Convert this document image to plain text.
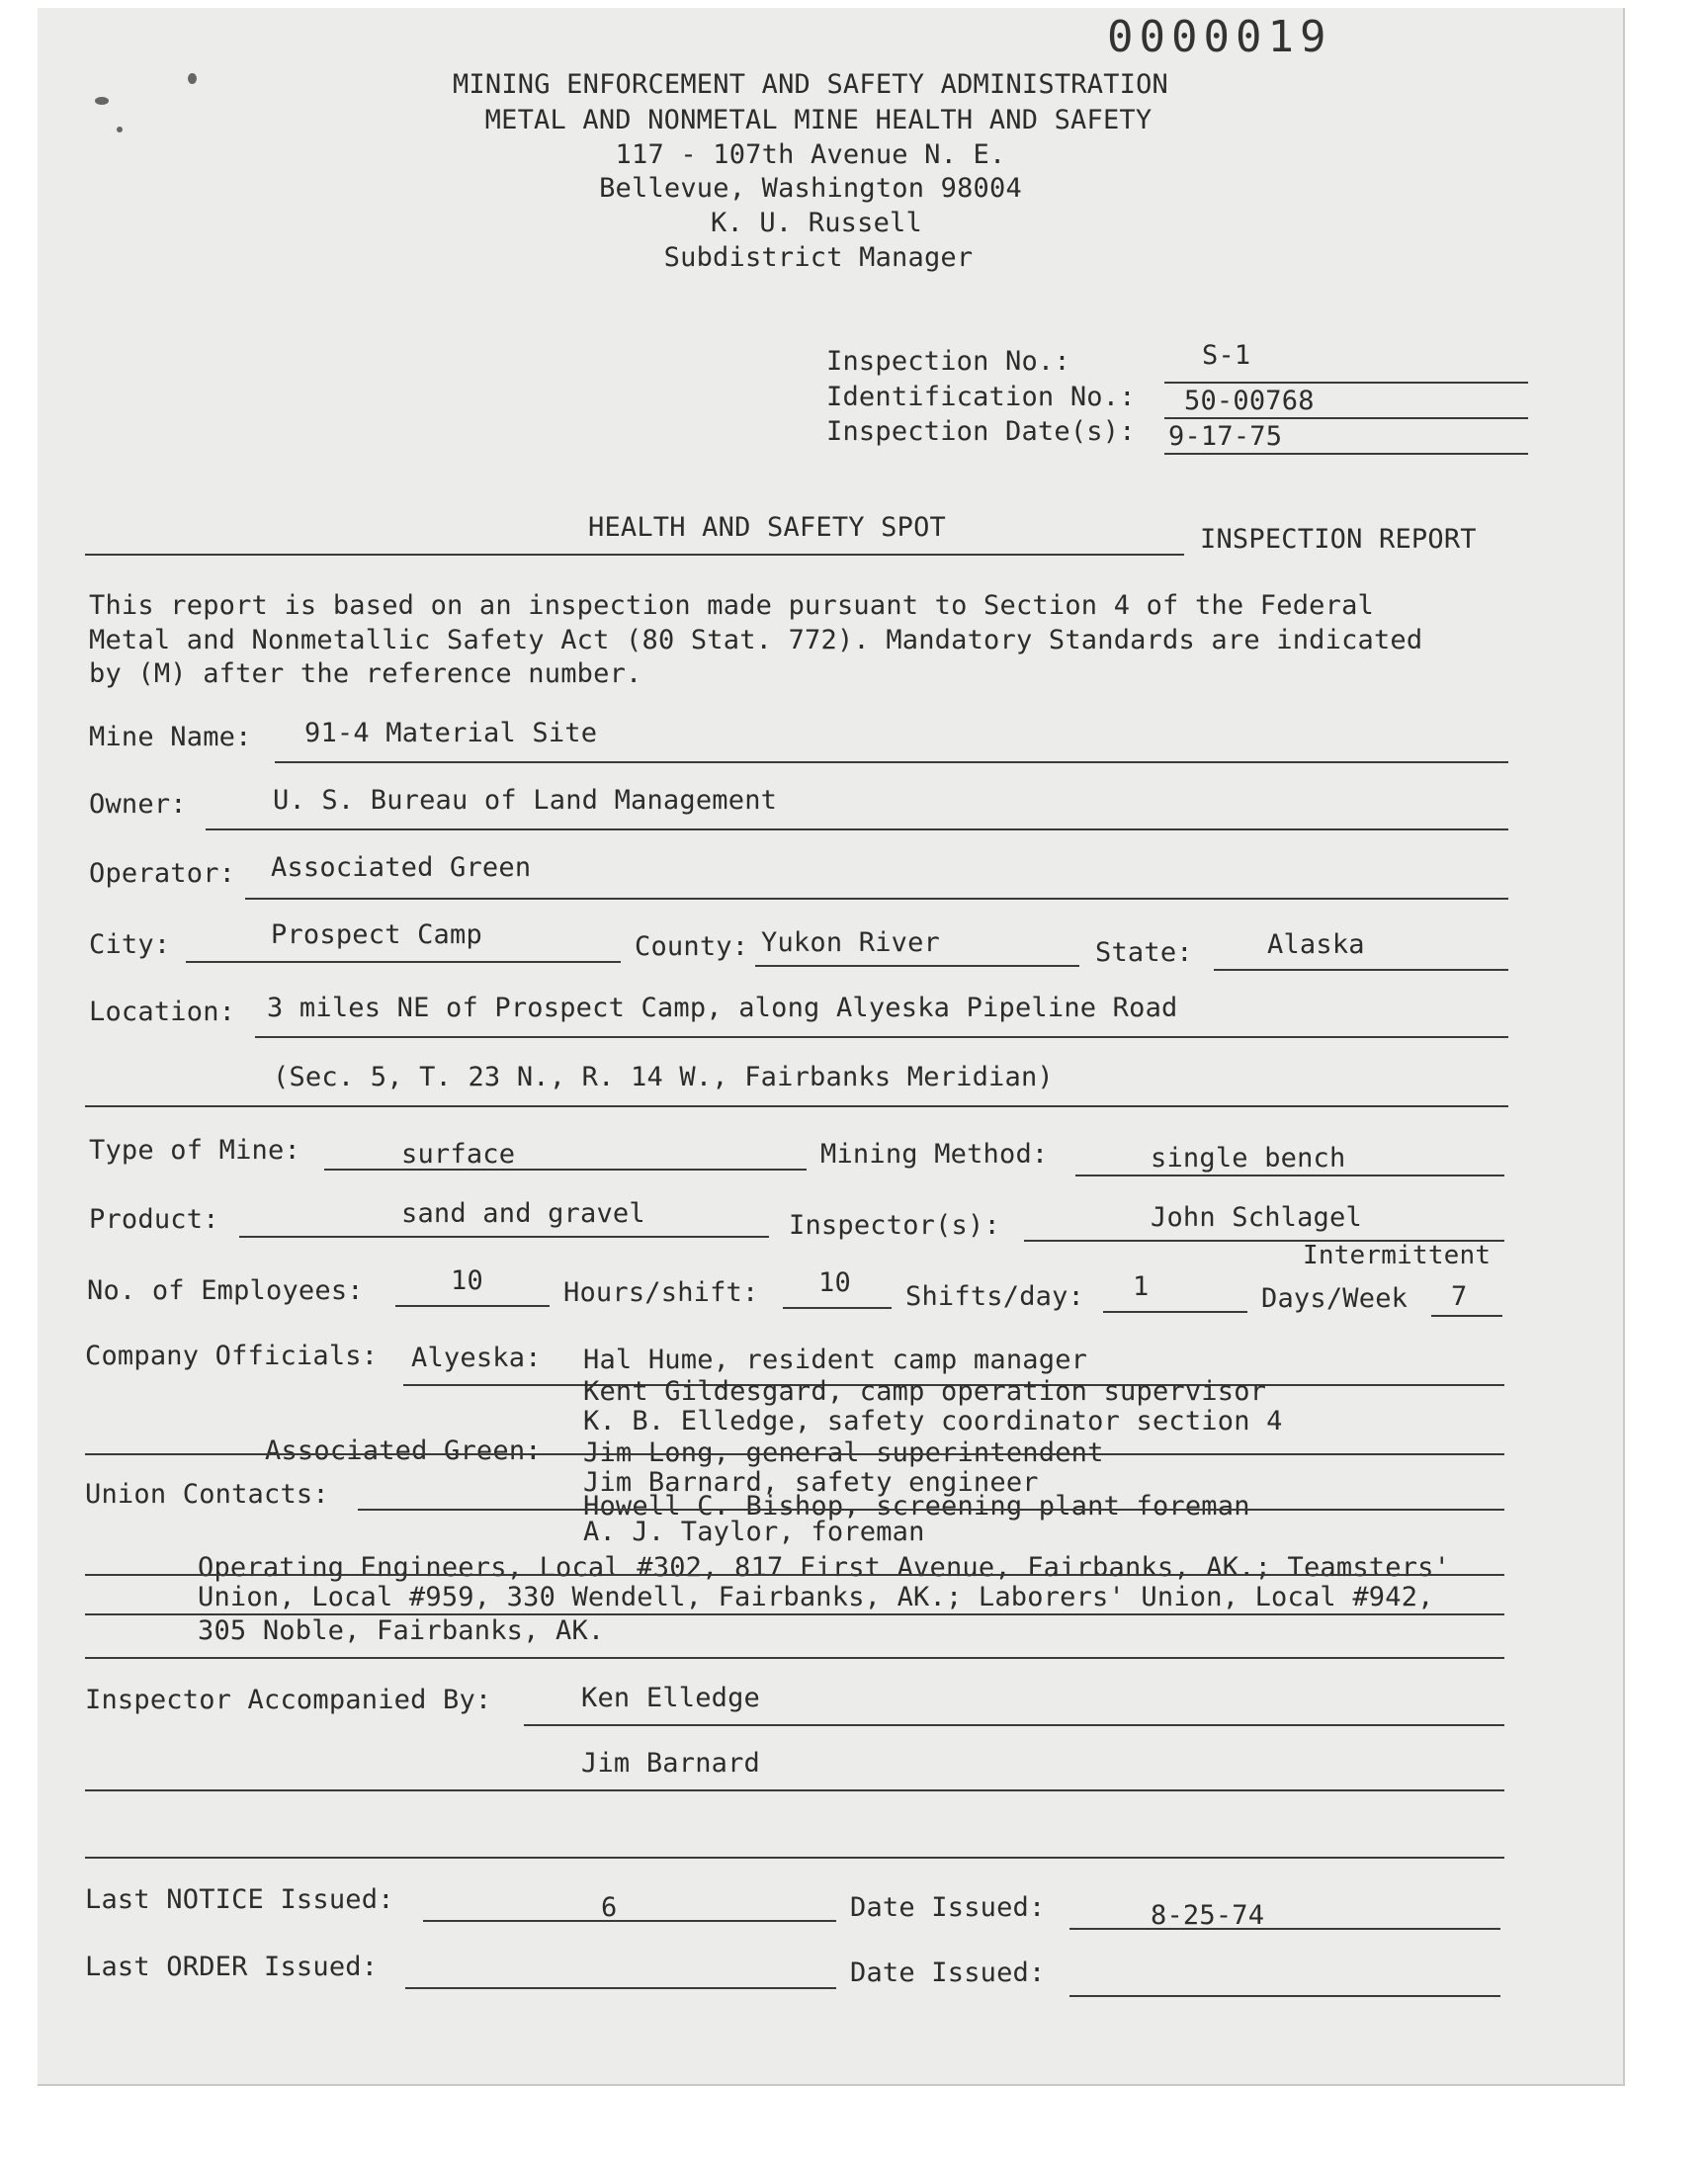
0000019
MINING ENFORCEMENT AND SAFETY ADMINISTRATION
METAL AND NONMETAL MINE HEALTH AND SAFETY
117 - 107th Avenue N. E.
Bellevue, Washington 98004
K. U. Russell
Subdistrict Manager
Inspection No.:	S-1
Identification No.: 50-00768
Inspection Date(s): 9-17-75
HEALTH AND SAFETY SPOT	INSPECTION REPORT
This report is based on an inspection made pursuant to Section 4 of the Federal
Metal and Nonmetallic Safety Act (80 Stat. 772). Mandatory Standards are indicated
by (M) after the reference number.
Mine Name: 91-4 Material Site
Owner:	U. S. Bureau of Land Management
Operator: Associated Green
City:	Prospect Camp	County: Yukon River	State:	Alaska
Location: 3 miles NE of Prospect Camp, along Alyeska Pipeline Road
(Sec. 5, T. 23 N., R. 14 W., Fairbanks Meridian)
Type of Mine:	surface	Mining Method:	single bench
Product:	sand and gravel	Inspector(s):	John Schlagel
Intermittent
No. of Employees:	10	Hours/shift: 10 Shifts/day: 1	Days/Week 7
Company Officials: Alyeska: Hal Hume, resident camp manager
Kent Gildesgard, camp operation supervisor
K. B. Elledge, safety coordinator section 4
Associated Green: Jim Long, general superintendent
Jim Barnard, safety engineer
Howell C. Bishop, screening plant foreman
A. J. Taylor, foreman
Union Contacts:
Operating Engineers, Local #302, 817 First Avenue, Fairbanks, AK.; Teamsters'
Union, Local #959, 330 Wendell, Fairbanks, AK.; Laborers' Union, Local #942,
305 Noble, Fairbanks, AK.
Inspector Accompanied By:	Ken Elledge
Jim Barnard
Last NOTICE Issued:	6	Date Issued:	8-25-74
Last ORDER Issued:	Date Issued:
